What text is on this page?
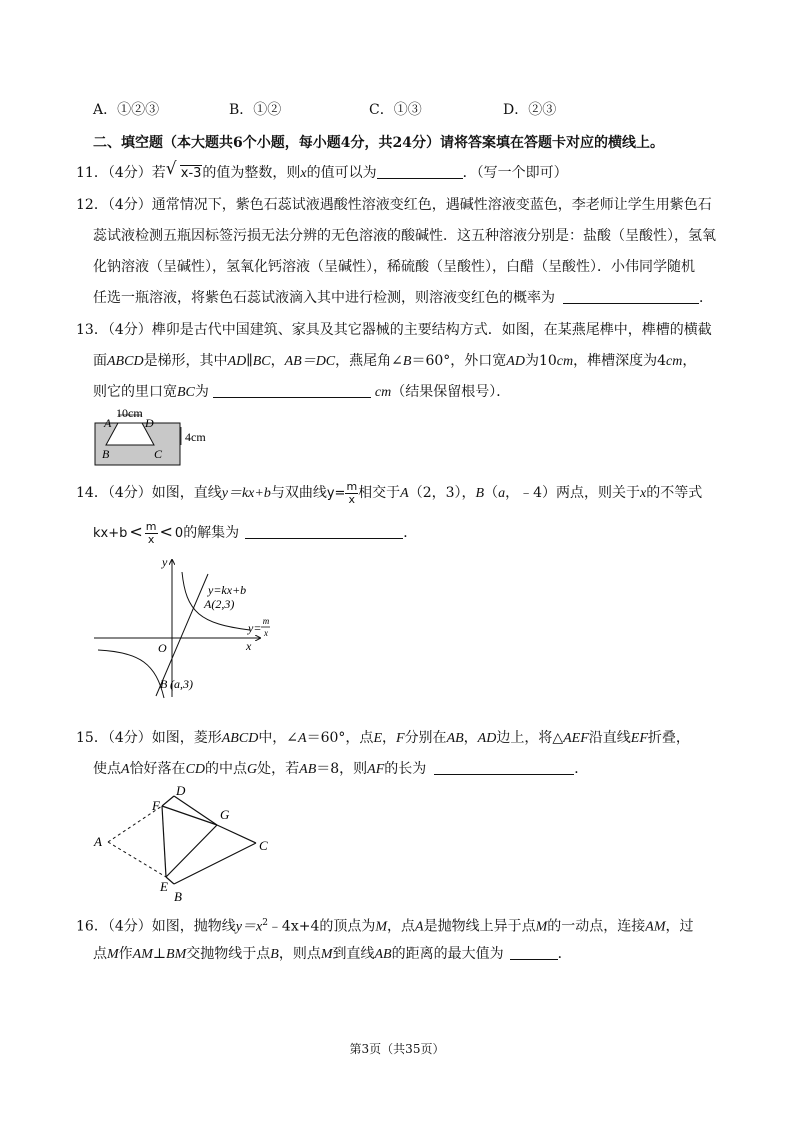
A．①②③	B．①②	C．①③	D．②③
二、填空题（本大题共6个小题，每小题4分，共24分）请将答案填在答题卡对应的横线上。
11．（4分）若 √ x-3的值为整数，则x的值可以为	．（写一个即可）
12．（4分）通常情况下，紫色石蕊试液遇酸性溶液变红色，遇碱性溶液变蓝色，李老师让学生用紫色石
蕊试液检测五瓶因标签污损无法分辨的无色溶液的酸碱性．这五种溶液分别是：盐酸（呈酸性），氢氧
化钠溶液（呈碱性），氢氧化钙溶液（呈碱性），稀硫酸（呈酸性），白醋（呈酸性）．小伟同学随机
任选一瓶溶液，将紫色石蕊试液滴入其中进行检测，则溶液变红色的概率为	．
13．（4分）榫卯是古代中国建筑、家具及其它器械的主要结构方式．如图，在某燕尾榫中，榫槽的横截
面ABCD是梯形，其中AD∥BC，AB＝DC，燕尾角∠B＝60°，外口宽AD为10cm，榫槽深度为4cm，
则它的里口宽BC为	cm（结果保留根号）．
10cm
4cm
A	D
B	C
14．（4分）如图，直线y＝kx+b与双曲线$y= \frac{m}{x}$ 相交于A（2，3），B（a，﹣4）两点，则关于x的不等式
$kx+b < \frac{m}{x} < 0$的解集为	．
y
x
O
y=kx+b
A(2,3)
y= m
x
B (a,3)
15．（4分）如图，菱形ABCD中，∠A＝60°，点E，F分别在AB，AD边上，将△AEF沿直线EF折叠，
使点A恰好落在CD的中点G处，若AB＝8，则AF的长为	．
A
D
F
G
C
E
B
16．（4分）如图，抛物线$y=x^2﹣4x+4$的顶点为M，点A是抛物线上异于点M的一动点，连接AM，过
点M作AM⊥BM交抛物线于点B，则点M到直线AB的距离的最大值为	．
第3页（共35页）
